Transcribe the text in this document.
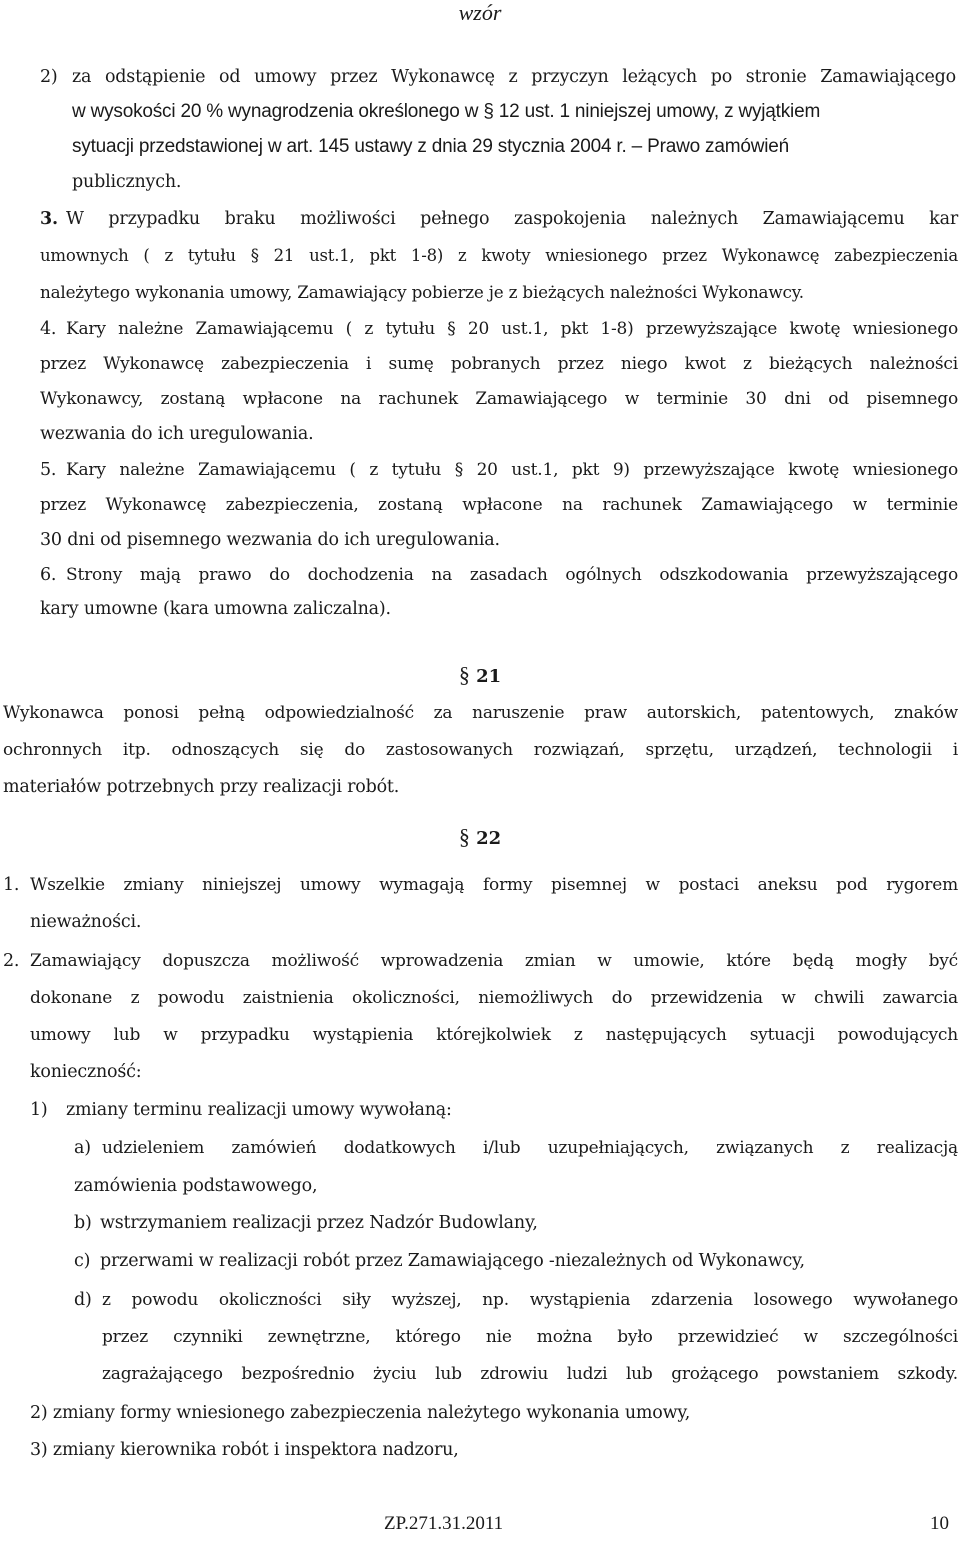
wzór
2) za odstąpienie od umowy przez Wykonawcę z przyczyn leżących po stronie Zamawiającego
w wysokości 20 % wynagrodzenia określonego w § 12 ust. 1 niniejszej umowy, z wyjątkiem
sytuacji przedstawionej w art. 145 ustawy z dnia 29 stycznia 2004 r. – Prawo zamówień
publicznych.
3. W przypadku braku możliwości pełnego zaspokojenia należnych Zamawiającemu kar
umownych ( z tytułu § 21 ust.1, pkt 1-8) z kwoty wniesionego przez Wykonawcę zabezpieczenia
należytego wykonania umowy, Zamawiający pobierze je z bieżących należności Wykonawcy.
4. Kary należne Zamawiającemu ( z tytułu § 20 ust.1, pkt 1-8) przewyższające kwotę wniesionego
przez Wykonawcę zabezpieczenia i sumę pobranych przez niego kwot z bieżących należności
Wykonawcy, zostaną wpłacone na rachunek Zamawiającego w terminie 30 dni od pisemnego
wezwania do ich uregulowania.
5. Kary należne Zamawiającemu ( z tytułu § 20 ust.1, pkt 9) przewyższające kwotę wniesionego
przez Wykonawcę zabezpieczenia, zostaną wpłacone na rachunek Zamawiającego w terminie
30 dni od pisemnego wezwania do ich uregulowania.
6. Strony mają prawo do dochodzenia na zasadach ogólnych odszkodowania przewyższającego
kary umowne (kara umowna zaliczalna).
§ 21
Wykonawca ponosi pełną odpowiedzialność za naruszenie praw autorskich, patentowych, znaków
ochronnych itp. odnoszących się do zastosowanych rozwiązań, sprzętu, urządzeń, technologii i
materiałów potrzebnych przy realizacji robót.
§ 22
1. Wszelkie zmiany niniejszej umowy wymagają formy pisemnej w postaci aneksu pod rygorem
nieważności.
2. Zamawiający dopuszcza możliwość wprowadzenia zmian w umowie, które będą mogły być
dokonane z powodu zaistnienia okoliczności, niemożliwych do przewidzenia w chwili zawarcia
umowy lub w przypadku wystąpienia którejkolwiek z następujących sytuacji powodujących
konieczność:
1) zmiany terminu realizacji umowy wywołaną:
a) udzieleniem zamówień dodatkowych i/lub uzupełniających, związanych z realizacją
zamówienia podstawowego,
b) wstrzymaniem realizacji przez Nadzór Budowlany,
c) przerwami w realizacji robót przez Zamawiającego -niezależnych od Wykonawcy,
d) z powodu okoliczności siły wyższej, np. wystąpienia zdarzenia losowego wywołanego
przez czynniki zewnętrzne, którego nie można było przewidzieć w szczególności
zagrażającego bezpośrednio życiu lub zdrowiu ludzi lub grożącego powstaniem szkody.
2) zmiany formy wniesionego zabezpieczenia należytego wykonania umowy,
3) zmiany kierownika robót i inspektora nadzoru,
ZP.271.31.2011	10
